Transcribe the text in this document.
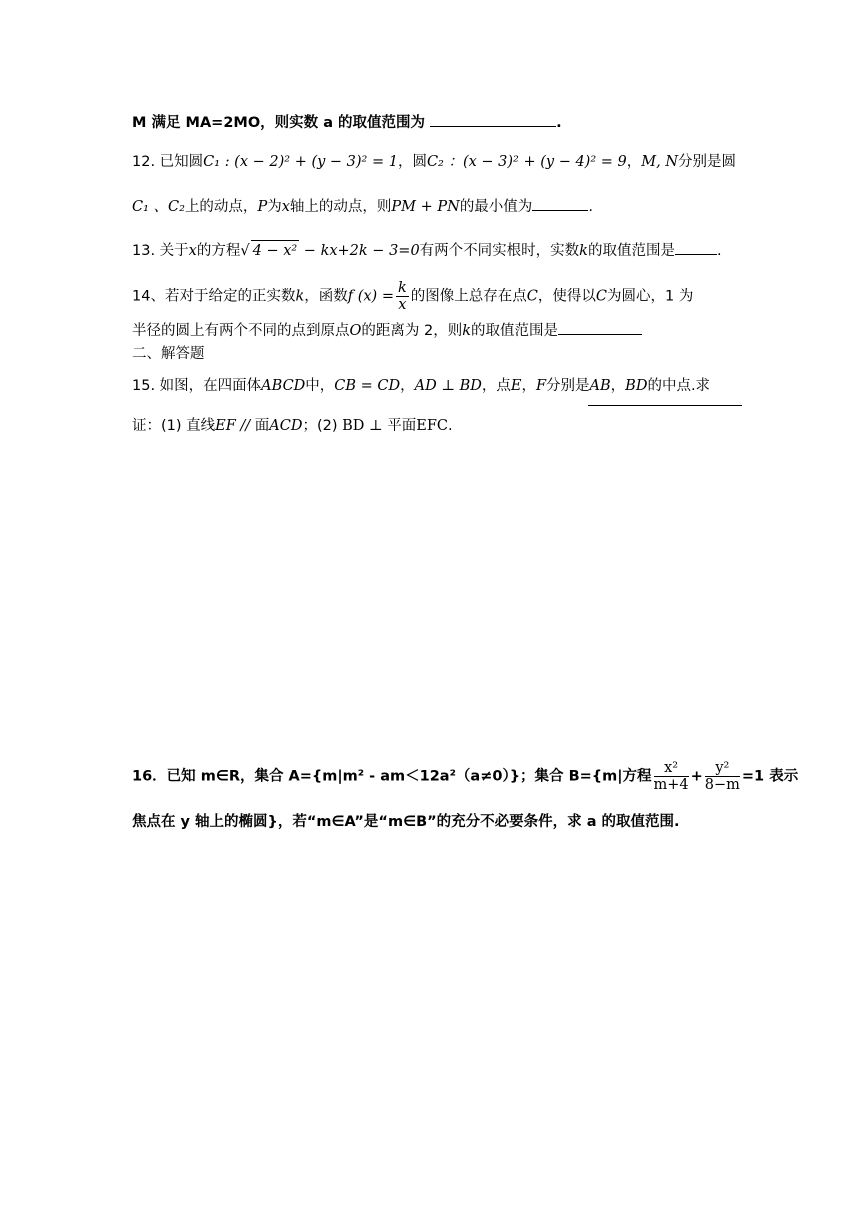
M 满足 MA=2MO，则实数 a 的取值范围为	.
12. 已知圆C₁ : (x − 2)² + (y − 3)² = 1，圆C₂ ：(x − 3)² + (y − 4)² = 9，M, N分别是圆
C₁ 、C₂上的动点，P为x轴上的动点，则PM + PN的最小值为	.
13. 关于x的方程√ 4 − x² − kx+2k − 3=0有两个不同实根时，实数k的取值范围是	.
14、若对于给定的正实数k，函数f $(x) = \frac{k}{x}$ 的图像上总存在点C，使得以C为圆心，1 为
半径的圆上有两个不同的点到原点O的距离为 2，则k的取值范围是
二、解答题
15. 如图，在四面体ABCD中，CB = CD，AD ⊥ BD，点E，F分别是AB，BD的中点.求
证：(1) 直线EF // 面ACD；(2) BD ⊥ 平面EFC.
16．已知 m∈R，集合 A={m|m² - am＜12a²（a≠0）}；集合 B={m|方程 $\frac{\text{x²}}{m+4} + \frac{\text{y²}}{8-m} =1$ 表示
焦点在 y 轴上的椭圆}，若“m∈A”是“m∈B”的充分不必要条件，求 a 的取值范围.
